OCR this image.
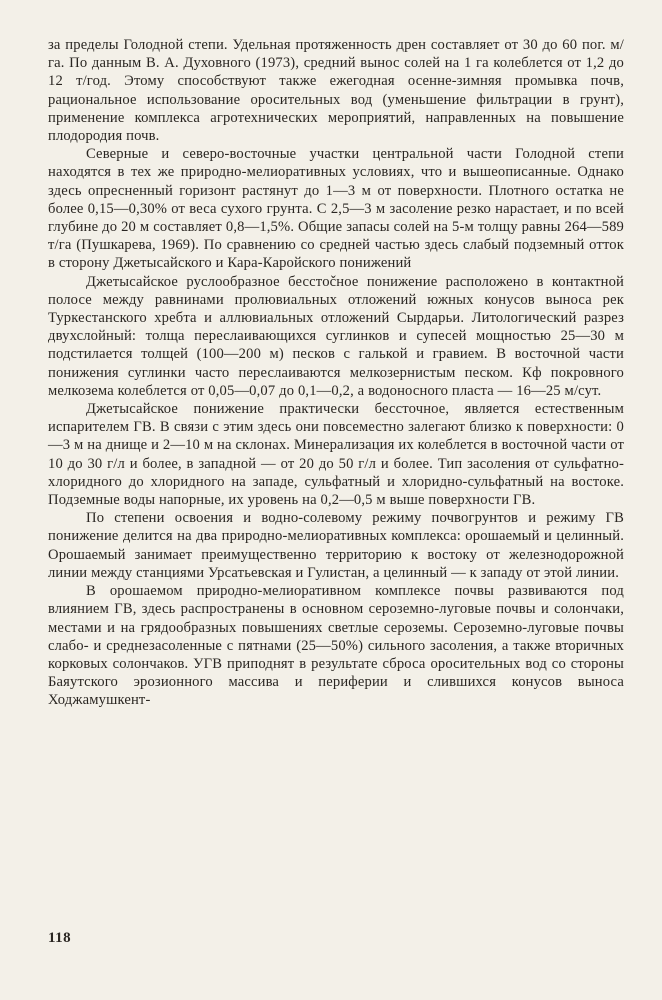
за пределы Голодной степи. Удельная протяженность дрен составляет от 30 до 60 пог. м/га. По данным В. А. Духовного (1973), средний вынос солей на 1 га колеблется от 1,2 до 12 т/год. Этому способствуют также ежегодная осенне-зимняя промывка почв, рациональное использование оросительных вод (уменьшение фильтрации в грунт), применение комплекса агротехнических мероприятий, направленных на повышение плодородия почв.

Северные и северо-восточные участки центральной части Голодной степи находятся в тех же природно-мелиоративных условиях, что и вышеописанные. Однако здесь опресненный горизонт растянут до 1—3 м от поверхности. Плотного остатка не более 0,15—0,30% от веса сухого грунта. С 2,5—3 м засоление резко нарастает, и по всей глубине до 20 м составляет 0,8—1,5%. Общие запасы солей на 5-м толщу равны 264—589 т/га (Пушкарева, 1969). По сравнению со средней частью здесь слабый подземный отток в сторону Джетысайского и Кара-Каройского понижений

Джетысайское руслообразное бесстočное понижение расположено в контактной полосе между равнинами пролювиальных отложений южных конусов выноса рек Туркестанского хребта и аллювиальных отложений Сырдарьи. Литологический разрез двухслойный: толща переслаивающихся суглинков и супесей мощностью 25—30 м подстилается толщей (100—200 м) песков с галькой и гравием. В восточной части понижения суглинки часто переслаиваются мелкозернистым песком. Кф покровного мелкозема колеблется от 0,05—0,07 до 0,1—0,2, а водоносного пласта — 16—25 м/сут.

Джетысайское понижение практически бессточное, является естественным испарителем ГВ. В связи с этим здесь они повсеместно залегают близко к поверхности: 0—3 м на днище и 2—10 м на склонах. Минерализация их колеблется в восточной части от 10 до 30 г/л и более, в западной — от 20 до 50 г/л и более. Тип засоления от сульфатно-хлоридного до хлоридного на западе, сульфатный и хлоридно-сульфатный на востоке. Подземные воды напорные, их уровень на 0,2—0,5 м выше поверхности ГВ.

По степени освоения и водно-солевому режиму почвогрунтов и режиму ГВ понижение делится на два природно-мелиоративных комплекса: орошаемый и целинный. Орошаемый занимает преимущественно территорию к востоку от железнодорожной линии между станциями Урсатьевская и Гулистан, а целинный — к западу от этой линии.

В орошаемом природно-мелиоративном комплексе почвы развиваются под влиянием ГВ, здесь распространены в основном сероземно-луговые почвы и солончаки, местами и на грядообразных повышениях светлые сероземы. Сероземно-луговые почвы слабо- и среднезасоленные с пятнами (25—50%) сильного засоления, а также вторичных корковых солончаков. УГВ приподнят в результате сброса оросительных вод со стороны Баяутского эрозионного массива и периферии и слившихся конусов выноса Ходжамушкент-

118
